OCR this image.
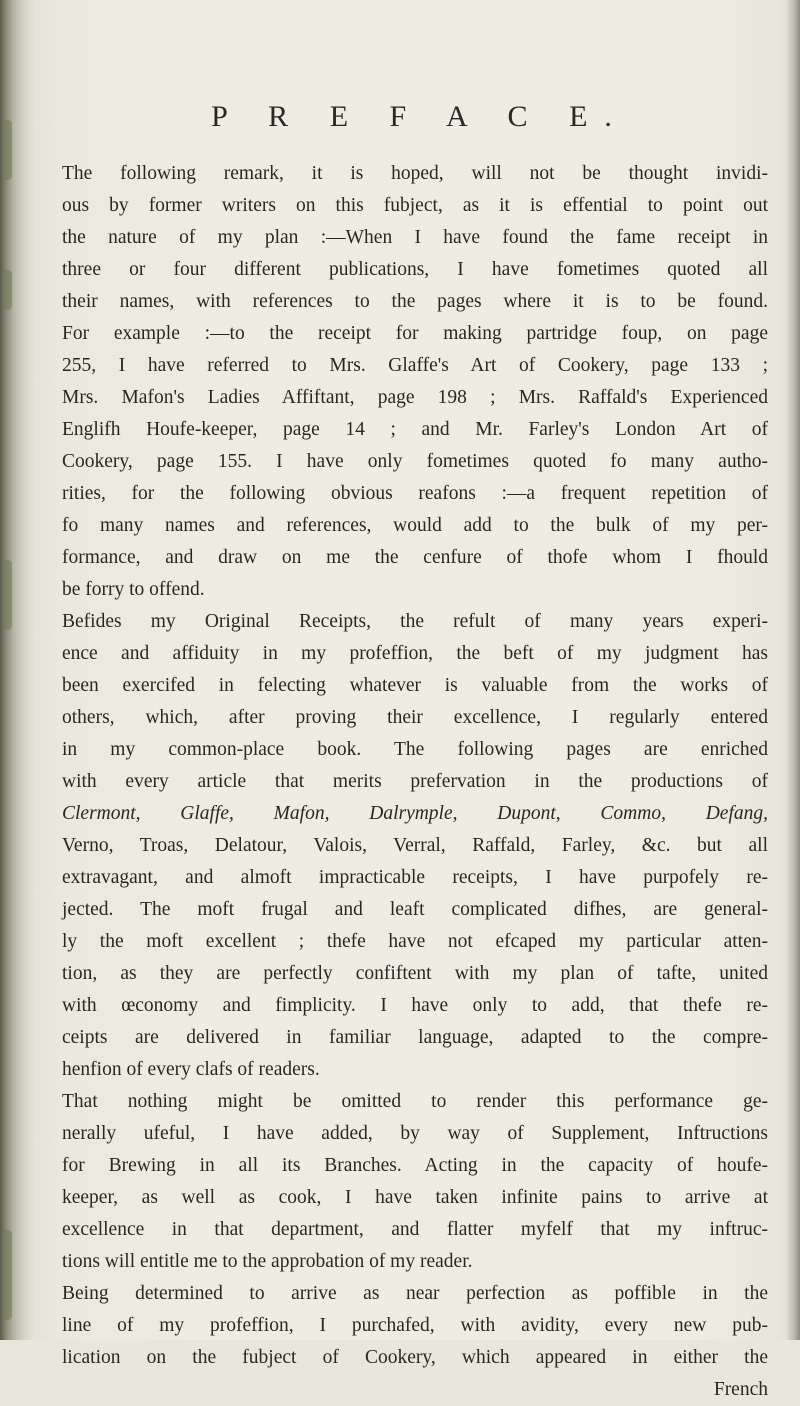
P R E F A C E.
The following remark, it is hoped, will not be thought invidi-
ous by former writers on this fubject, as it is effential to point out
the nature of my plan :—When I have found the fame receipt in
three or four different publications, I have fometimes quoted all
their names, with references to the pages where it is to be found.
For example :—to the receipt for making partridge foup, on page
255, I have referred to Mrs. Glaffe's Art of Cookery, page 133 ;
Mrs. Mafon's Ladies Affiftant, page 198 ; Mrs. Raffald's Experienced
Englifh Houfe-keeper, page 14 ; and Mr. Farley's London Art of
Cookery, page 155. I have only fometimes quoted fo many autho-
rities, for the following obvious reafons :—a frequent repetition of
fo many names and references, would add to the bulk of my per-
formance, and draw on me the cenfure of thofe whom I fhould
be forry to offend.
Befides my Original Receipts, the refult of many years experi-
ence and affiduity in my profeffion, the beft of my judgment has
been exercifed in felecting whatever is valuable from the works of
others, which, after proving their excellence, I regularly entered
in my common-place book. The following pages are enriched
with every article that merits prefervation in the productions of
Clermont, Glaffe, Mafon, Dalrymple, Dupont, Commo, Defang,
Verno, Troas, Delatour, Valois, Verral, Raffald, Farley, &c. but all
extravagant, and almoft impracticable receipts, I have purpofely re-
jected. The moft frugal and leaft complicated difhes, are general-
ly the moft excellent ; thefe have not efcaped my particular atten-
tion, as they are perfectly confiftent with my plan of tafte, united
with œconomy and fimplicity. I have only to add, that thefe re-
ceipts are delivered in familiar language, adapted to the compre-
henfion of every clafs of readers.
That nothing might be omitted to render this performance ge-
nerally ufeful, I have added, by way of Supplement, Inftructions
for Brewing in all its Branches. Acting in the capacity of houfe-
keeper, as well as cook, I have taken infinite pains to arrive at
excellence in that department, and flatter myfelf that my inftruc-
tions will entitle me to the approbation of my reader.
Being determined to arrive as near perfection as poffible in the
line of my profeffion, I purchafed, with avidity, every new pub-
lication on the fubject of Cookery, which appeared in either the
French
